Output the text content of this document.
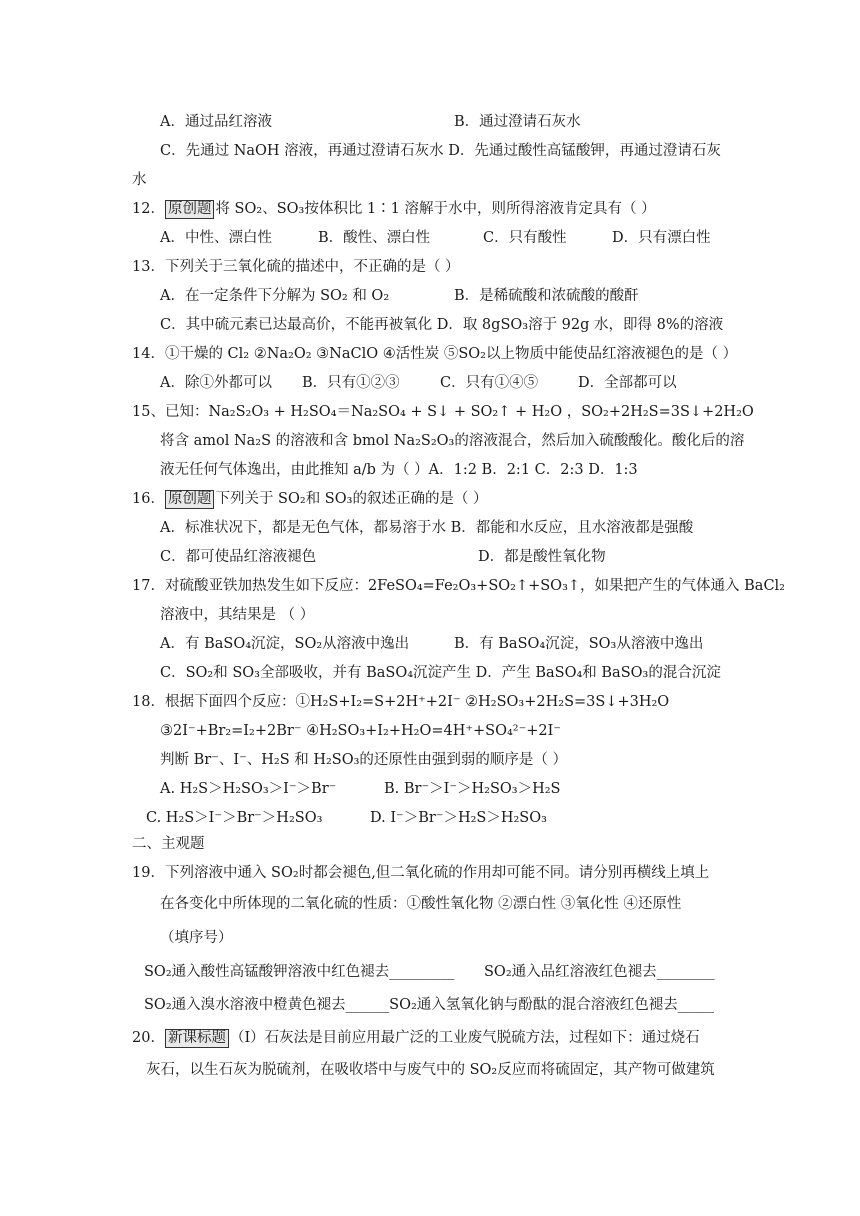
A．通过品红溶液	B．通过澄请石灰水
C．先通过 NaOH 溶液，再通过澄请石灰水 D．先通过酸性高锰酸钾，再通过澄请石灰
水
12． 原创题 将 SO₂、SO₃按体积比 1∶1 溶解于水中，则所得溶液肯定具有（ ）
A．中性、漂白性	B．酸性、漂白性	C．只有酸性	D．只有漂白性
13．下列关于三氧化硫的描述中，不正确的是（ ）
A．在一定条件下分解为 SO₂ 和 O₂	B．是稀硫酸和浓硫酸的酸酐
C．其中硫元素已达最高价，不能再被氧化 D．取 8gSO₃溶于 92g 水，即得 8%的溶液
14．①干燥的 Cl₂ ②Na₂O₂ ③NaClO ④活性炭 ⑤SO₂以上物质中能使品红溶液褪色的是（ ）
A．除①外都可以 B．只有①②③	C．只有①④⑤	D．全部都可以
15、已知：Na₂S₂O₃ + H₂SO₄＝Na₂SO₄ + S↓ + SO₂↑ + H₂O ，SO₂+2H₂S=3S↓+2H₂O
将含 amol Na₂S 的溶液和含 bmol Na₂S₂O₃的溶液混合，然后加入硫酸酸化。酸化后的溶
液无任何气体逸出，由此推知 a/b 为（ ）A．1:2 B．2:1 C．2:3 D．1:3
16． 原创题 下列关于 SO₂和 SO₃的叙述正确的是（ ）
A．标准状况下，都是无色气体，都易溶于水 B．都能和水反应，且水溶液都是强酸
C．都可使品红溶液褪色	D．都是酸性氧化物
17．对硫酸亚铁加热发生如下反应：2FeSO₄=Fe₂O₃+SO₂↑+SO₃↑，如果把产生的气体通入 BaCl₂
溶液中，其结果是 （ ）
A．有 BaSO₄沉淀，SO₂从溶液中逸出	B．有 BaSO₄沉淀，SO₃从溶液中逸出
C．SO₂和 SO₃全部吸收，并有 BaSO₄沉淀产生 D．产生 BaSO₄和 BaSO₃的混合沉淀
18．根据下面四个反应：①H₂S+I₂=S+2H⁺+2I⁻ ②H₂SO₃+2H₂S=3S↓+3H₂O
③2I⁻+Br₂=I₂+2Br⁻ ④H₂SO₃+I₂+H₂O=4H⁺+SO₄²⁻+2I⁻
判断 Br⁻、I⁻、H₂S 和 H₂SO₃的还原性由强到弱的顺序是（ ）
A. H₂S＞H₂SO₃＞I⁻＞Br⁻	B. Br⁻＞I⁻＞H₂SO₃＞H₂S
C. H₂S＞I⁻＞Br⁻＞H₂SO₃	D. I⁻＞Br⁻＞H₂S＞H₂SO₃
二、主观题
19．下列溶液中通入 SO₂时都会褪色,但二氧化硫的作用却可能不同。请分别再横线上填上
在各变化中所体现的二氧化硫的性质：①酸性氧化物 ②漂白性 ③氧化性 ④还原性
（填序号）
SO₂通入酸性高锰酸钾溶液中红色褪去_________ SO₂通入品红溶液红色褪去________
SO₂通入溴水溶液中橙黄色褪去______SO₂通入氢氧化钠与酚酞的混合溶液红色褪去_____
20． 新课标题 （Ⅰ）石灰法是目前应用最广泛的工业废气脱硫方法，过程如下：通过烧石
灰石，以生石灰为脱硫剂，在吸收塔中与废气中的 SO₂反应而将硫固定，其产物可做建筑
